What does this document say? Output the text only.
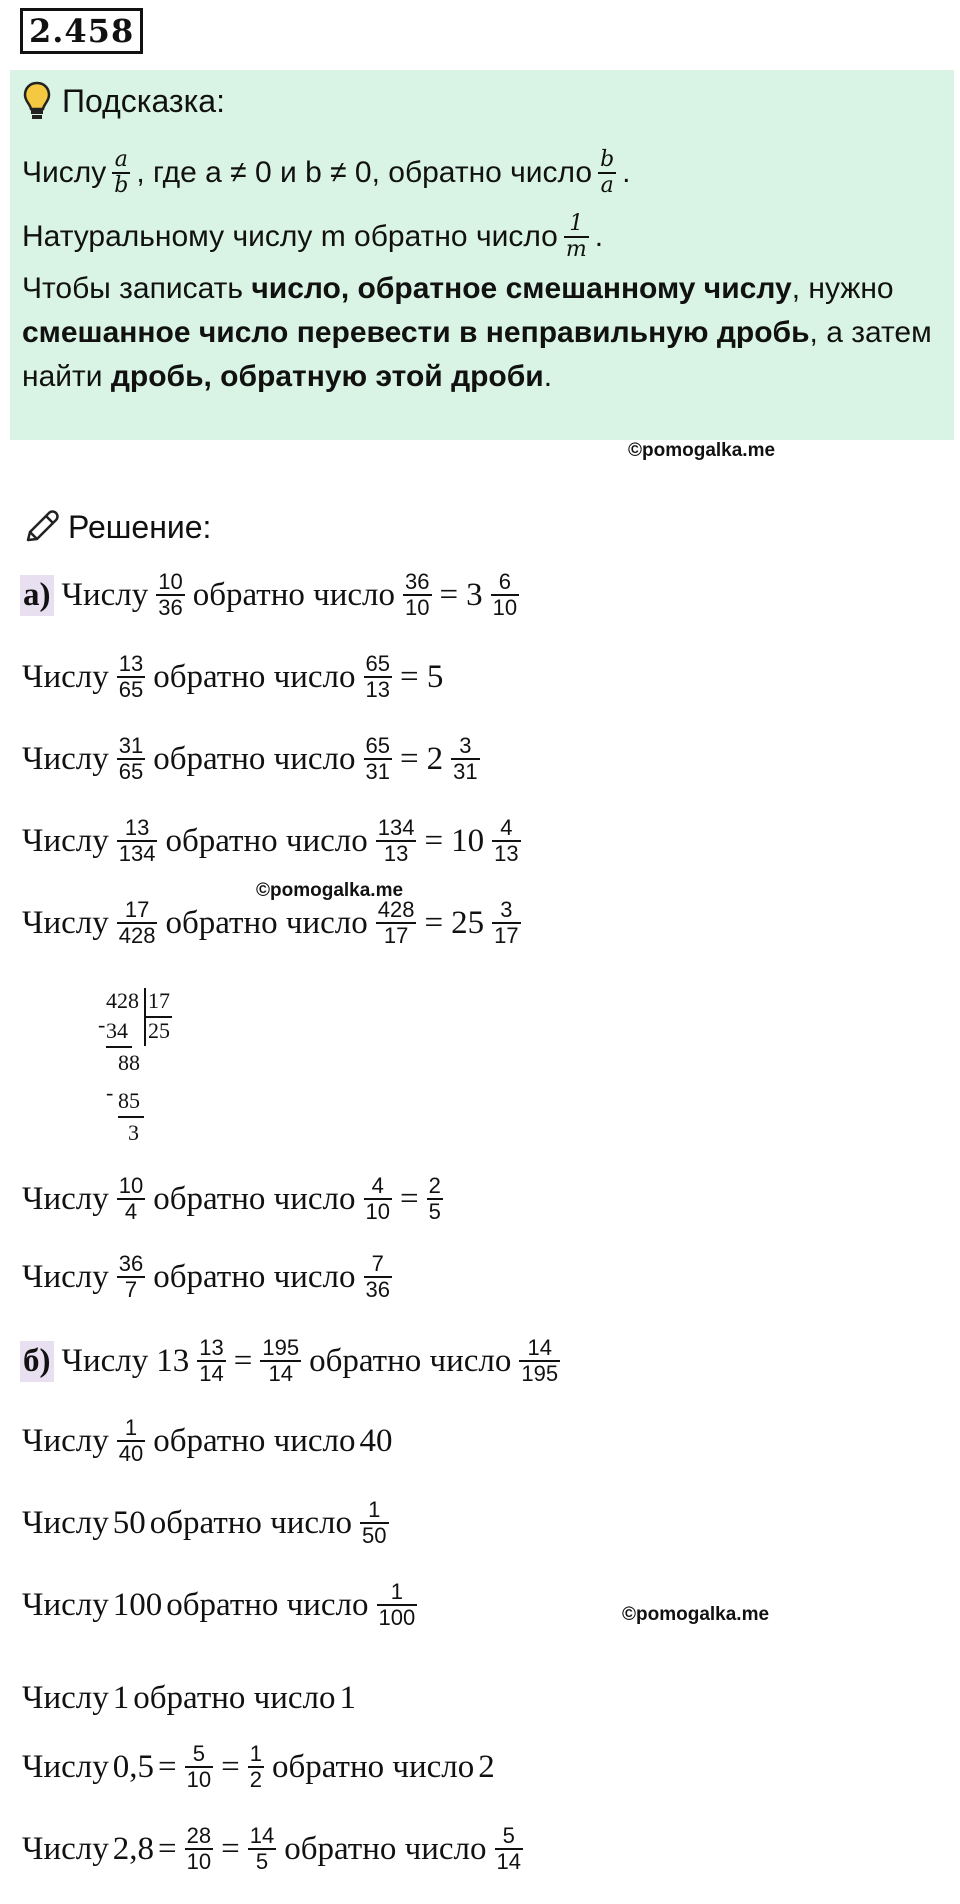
2.458
Подсказка:
Числу $\frac{a}{b}$ , где a ≠ 0 и b ≠ 0, обратно число $\frac{b}{a}$ .
Натуральному числу m обратно число $\frac{1}{m}$ .
Чтобы записать число, обратное смешанному числу , нужно
смешанное число перевести в неправильную дробь , а затем
найти дробь, обратную этой дроби .
©pomogalka.me
Решение:
а) Числу $\frac{10}{36}$ обратно число $\frac{36}{10} = 3 \frac{6}{10}$
Числу $\frac{13}{65}$ обратно число $\frac{65}{13} = 5$
Числу $\frac{31}{65}$ обратно число $\frac{65}{31} = 2 \frac{3}{31}$
Числу $\frac{13}{134}$ обратно число $\frac{134}{13} = 10 \frac{4}{13}$
©pomogalka.me
Числу $\frac{17}{428}$ обратно число $\frac{428}{17} = 25 \frac{3}{17}$
428 17
25
- 34
88
- 85
3
Числу $\frac{10}{4}$ обратно число $\frac{4}{10} = \frac{2}{5}$
Числу $\frac{36}{7}$ обратно число $\frac{7}{36}$
б) Числу $13 \frac{13}{14} = \frac{195}{14}$ обратно число $\frac{14}{195}$
Числу $\frac{1}{40}$ обратно число 40
Числу 50 обратно число $\frac{1}{50}$
©pomogalka.me
Числу 100 обратно число $\frac{1}{100}$
Числу 1 обратно число 1
Числу $0,5 = \frac{5}{10} = \frac{1}{2}$ обратно число 2
Числу $2,8 = \frac{28}{10} = \frac{14}{5}$ обратно число $\frac{5}{14}$
